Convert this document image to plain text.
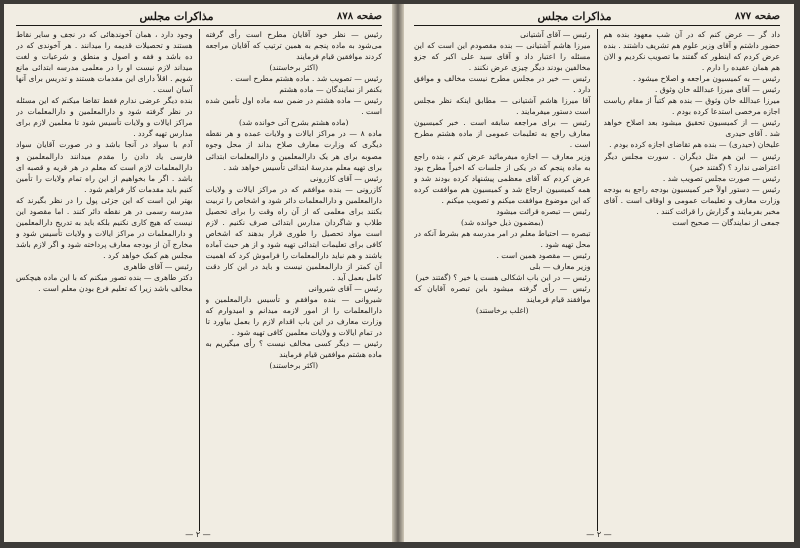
صفحه ۸۷۸
مذاکرات مجلس

رئیس — نظر خود آقایان مطرح است رأی گرفته می‌شود به ماده پنجم به همین ترتیب که آقایان مراجعه کردند موافقین قیام فرمایند

(اکثر برخاستند)

رئیس — تصویب شد . ماده هشتم مطرح است .

بکنفر از نمایندگان — ماده هشتم

رئیس — ماده هشتم در ضمن سه ماده اول تأمین شده است .

(ماده هشتم بشرح آتی خوانده شد)

ماده ۸ — در مراکز ایالات و ولایات عمده و هر نقطه دیگری که وزارت معارف صلاح بداند از محل وجوه مصوبه برای هر یک دارالمعلمین و دارالمعلمات ابتدائی برای تهیه معلم مدرسهٔ ابتدائی تأسیس خواهد شد .

رئیس — آقای کازرونی

کازرونی — بنده موافقم که در مراکز ایالات و ولایات دارالمعلمین و دارالمعلمات دائر شود و اشخاص را تربیت بکنند برای معلمی که از آن راه وقت را برای تحصیل طلاب و شاگردان مدارس ابتدائی صرف نکنیم . لازم است مواد تحصیل را طوری قرار بدهند که اشخاص کافی برای تعلیمات ابتدائی تهیه شود و از هر حیث آماده باشند و هم نباید دارالمعلمات را فراموش کرد که اهمیت آن کمتر از دارالمعلمین نیست و باید در این کار دقت کامل بعمل آید .

رئیس — آقای شیروانی

شیروانی — بنده موافقم و تأسیس دارالمعلمین و دارالمعلمات را از امور لازمه میدانم و امیدوارم که وزارت معارف در این باب اقدام لازم را بعمل بیاورد تا در تمام ایالات و ولایات معلمین کافی تهیه شود .

رئیس — دیگر کسی مخالف نیست ؟ رأی میگیریم به ماده هشتم موافقین قیام فرمایند

(اکثر برخاستند)

وجود دارد ، همان آخوندهائی که در نجف و سایر نقاط هستند و تحصیلات قدیمه را میدانند . هر آخوندی که در ده باشد و فقه و اصول و منطق و شرعیات و لغت میداند لازم نیست او را در معلمی مدرسه ابتدائی مانع شویم . اقلاً دارای این مقدمات هستند و تدریس برای آنها آسان است .

بنده دیگر عرضی ندارم فقط تقاضا میکنم که این مسئله در نظر گرفته شود و دارالمعلمین و دارالمعلمات در مراکز ایالات و ولایات تأسیس شود تا معلمین لازم برای مدارس تهیه گردد .

آدم با سواد در آنجا باشد و در صورت آقایان سواد فارسی یاد دادن را مقدم میدانند دارالمعلمین و دارالمعلمات لازم است که معلم در هر قریه و قصبه ای باشد . اگر ما بخواهیم از این راه تمام ولایات را تأمین کنیم باید مقدمات کار فراهم شود .

بهتر این است که این جزئی پول را در نظر بگیرند که مدرسه رسمی در هر نقطه دائر کنند . اما مقصود این نیست که هیچ کاری نکنیم بلکه باید به تدریج دارالمعلمین و دارالمعلمات در مراکز ایالات و ولایات تأسیس شود و مخارج آن از بودجه معارف پرداخته شود و اگر لازم باشد مجلس هم کمک خواهد کرد .

رئیس — آقای طاهری

دکتر طاهری — بنده تصور میکنم که با این ماده هیچکس مخالف باشد زیرا که تعلیم فرع بودن معلم است .

— ۲ —
صفحه ۸۷۷
مذاکرات مجلس

داد گر — عرض کنم که در آن شب معهود بنده هم حضور داشتم و آقای وزیر علوم هم تشریف داشتند . بنده عرض کردم که اینطور که گفتند ما تصویب نکردیم و الان هم همان عقیده را دارم .

رئیس — به کمیسیون مراجعه و اصلاح میشود .

رئیس — آقای میرزا عبدالله خان وثوق .

میرزا عبدالله خان وثوق — بنده هم کتباً از مقام ریاست اجازه مرخصی استدعا کرده بودم .

رئیس — از کمیسیون تحقیق میشود بعد اصلاح خواهد شد . آقای حیدری

علیخان (حیدری) — بنده هم تقاضای اجازه کرده بودم .

رئیس — این هم مثل دیگران . سورت مجلس دیگر اعتراضی ندارد ؟ (گفتند خیر)

رئیس — صورت مجلس تصویب شد .

رئیس — دستور اولاً خبر کمیسیون بودجه راجع به بودجه وزارت معارف و تعلیمات عمومی و اوقاف است . آقای مخبر بفرمایند و گزارش را قرائت کنند .

جمعی از نمایندگان — صحیح است

رئیس — آقای آشتیانی

میرزا هاشم آشتیانی — بنده مقصودم این است که این مسئله را اعتبار داد و آقای سید علی اکبر که جزو مخالفین بودند دیگر چیزی عرض نکنند .

رئیس — خیر در مجلس مطرح نیست مخالف و موافق دارد .

آقا میرزا هاشم آشتیانی — مطابق اینکه نظر مجلس است دستور میفرمایند .

رئیس — برای مراجعه سابقه است . خبر کمیسیون معارف راجع به تعلیمات عمومی از ماده هشتم مطرح است .

وزیر معارف — اجازه میفرمائید عرض کنم ، بنده راجع به ماده پنجم که در یکی از جلسات که اخیراً مطرح بود عرض کردم که آقای معظمی پیشنهاد کرده بودند شد و همه کمیسیون ارجاع شد و کمیسیون هم موافقت کرده که این موضوع موافقت میکنم و تصویب میکنم .

رئیس — تبصره قرائت میشود

(بمضمون ذیل خوانده شد)

تبصره — احتیاط معلم در امر مدرسه هم بشرط آنکه در محل تهیه شود .

رئیس — مقصود همین است .

وزیر معارف — بلی

رئیس — در این باب اشکالی هست یا خیر ؟ (گفتند خیر)

رئیس — رأی گرفته میشود باین تبصره آقایان که موافقند قیام فرمایند

(اغلب برخاستند)

— ۲ —
